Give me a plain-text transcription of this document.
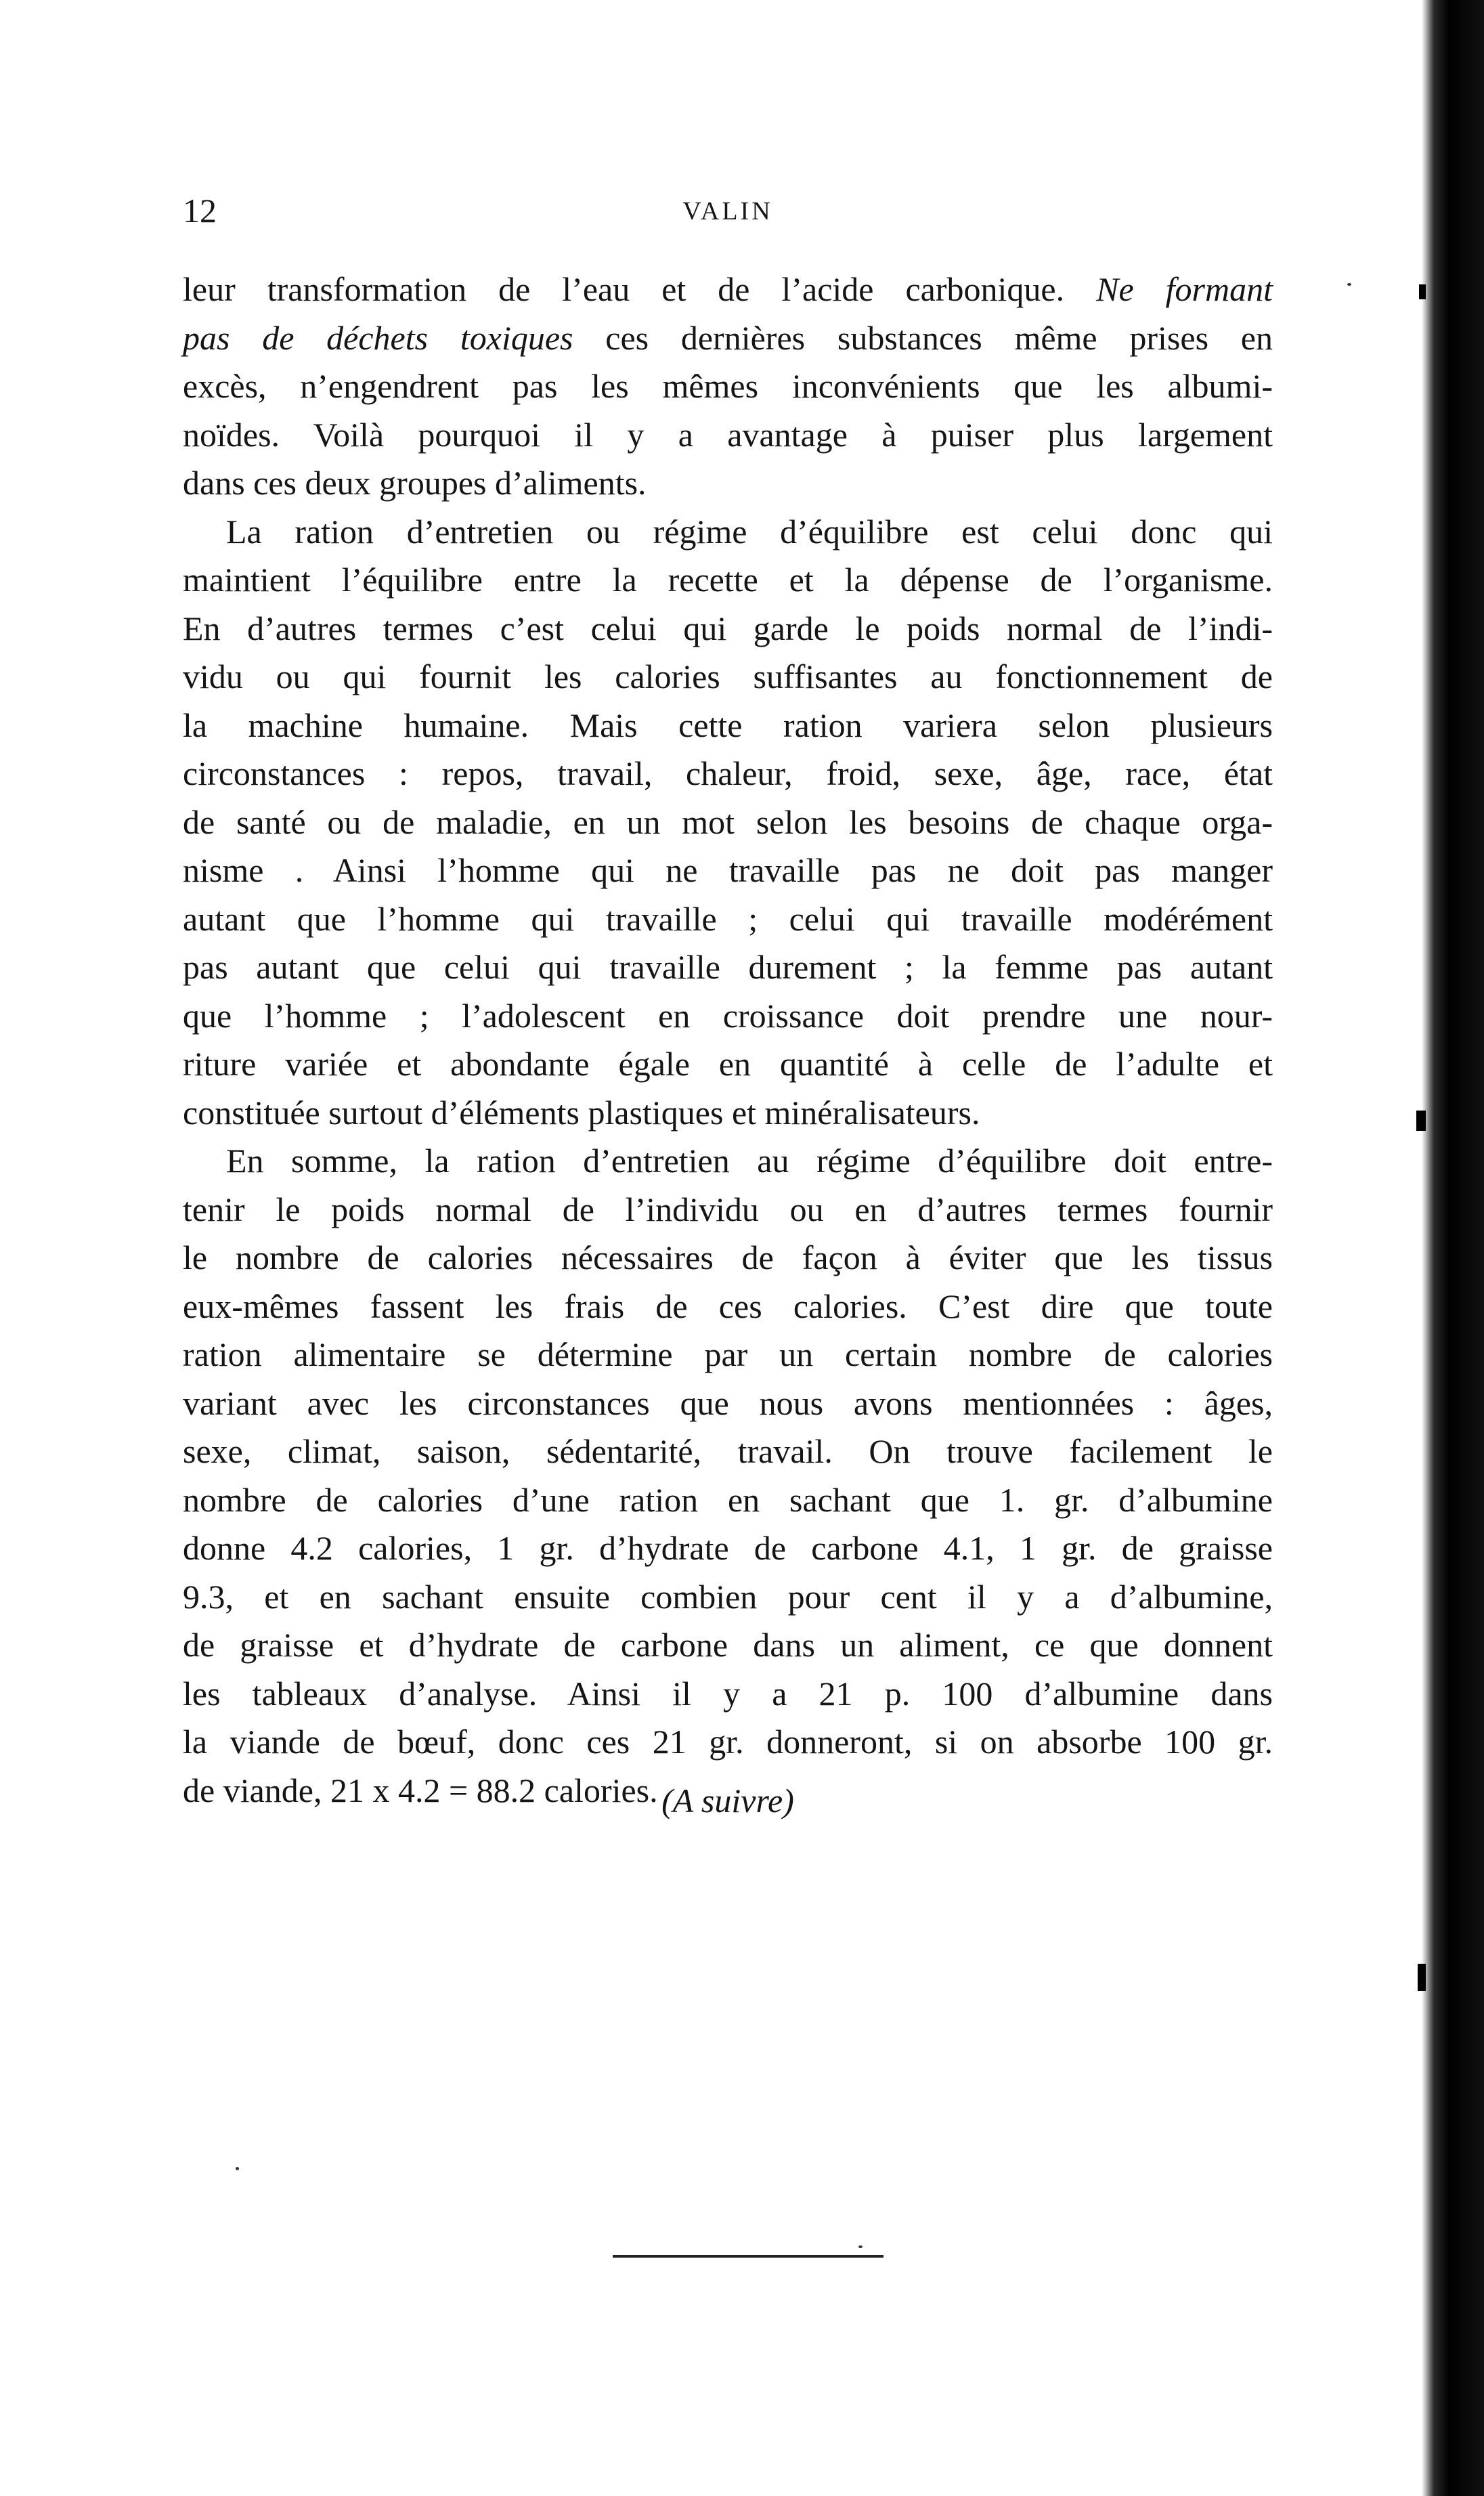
12	VALIN
leur transformation de l’eau et de l’acide carbonique. Ne formant
pas de déchets toxiques ces dernières substances même prises en
excès, n’engendrent pas les mêmes inconvénients que les albumi-
noïdes. Voilà pourquoi il y a avantage à puiser plus largement
dans ces deux groupes d’aliments.
La ration d’entretien ou régime d’équilibre est celui donc qui
maintient l’équilibre entre la recette et la dépense de l’organisme.
En d’autres termes c’est celui qui garde le poids normal de l’indi-
vidu ou qui fournit les calories suffisantes au fonctionnement de
la machine humaine. Mais cette ration variera selon plusieurs
circonstances : repos, travail, chaleur, froid, sexe, âge, race, état
de santé ou de maladie, en un mot selon les besoins de chaque orga-
nisme . Ainsi l’homme qui ne travaille pas ne doit pas manger
autant que l’homme qui travaille ; celui qui travaille modérément
pas autant que celui qui travaille durement ; la femme pas autant
que l’homme ; l’adolescent en croissance doit prendre une nour-
riture variée et abondante égale en quantité à celle de l’adulte et
constituée surtout d’éléments plastiques et minéralisateurs.
En somme, la ration d’entretien au régime d’équilibre doit entre-
tenir le poids normal de l’individu ou en d’autres termes fournir
le nombre de calories nécessaires de façon à éviter que les tissus
eux-mêmes fassent les frais de ces calories. C’est dire que toute
ration alimentaire se détermine par un certain nombre de calories
variant avec les circonstances que nous avons mentionnées : âges,
sexe, climat, saison, sédentarité, travail. On trouve facilement le
nombre de calories d’une ration en sachant que 1. gr. d’albumine
donne 4.2 calories, 1 gr. d’hydrate de carbone 4.1, 1 gr. de graisse
9.3, et en sachant ensuite combien pour cent il y a d’albumine,
de graisse et d’hydrate de carbone dans un aliment, ce que donnent
les tableaux d’analyse. Ainsi il y a 21 p. 100 d’albumine dans
la viande de bœuf, donc ces 21 gr. donneront, si on absorbe 100 gr.
de viande, 21 x 4.2 = 88.2 calories. (A suivre)
